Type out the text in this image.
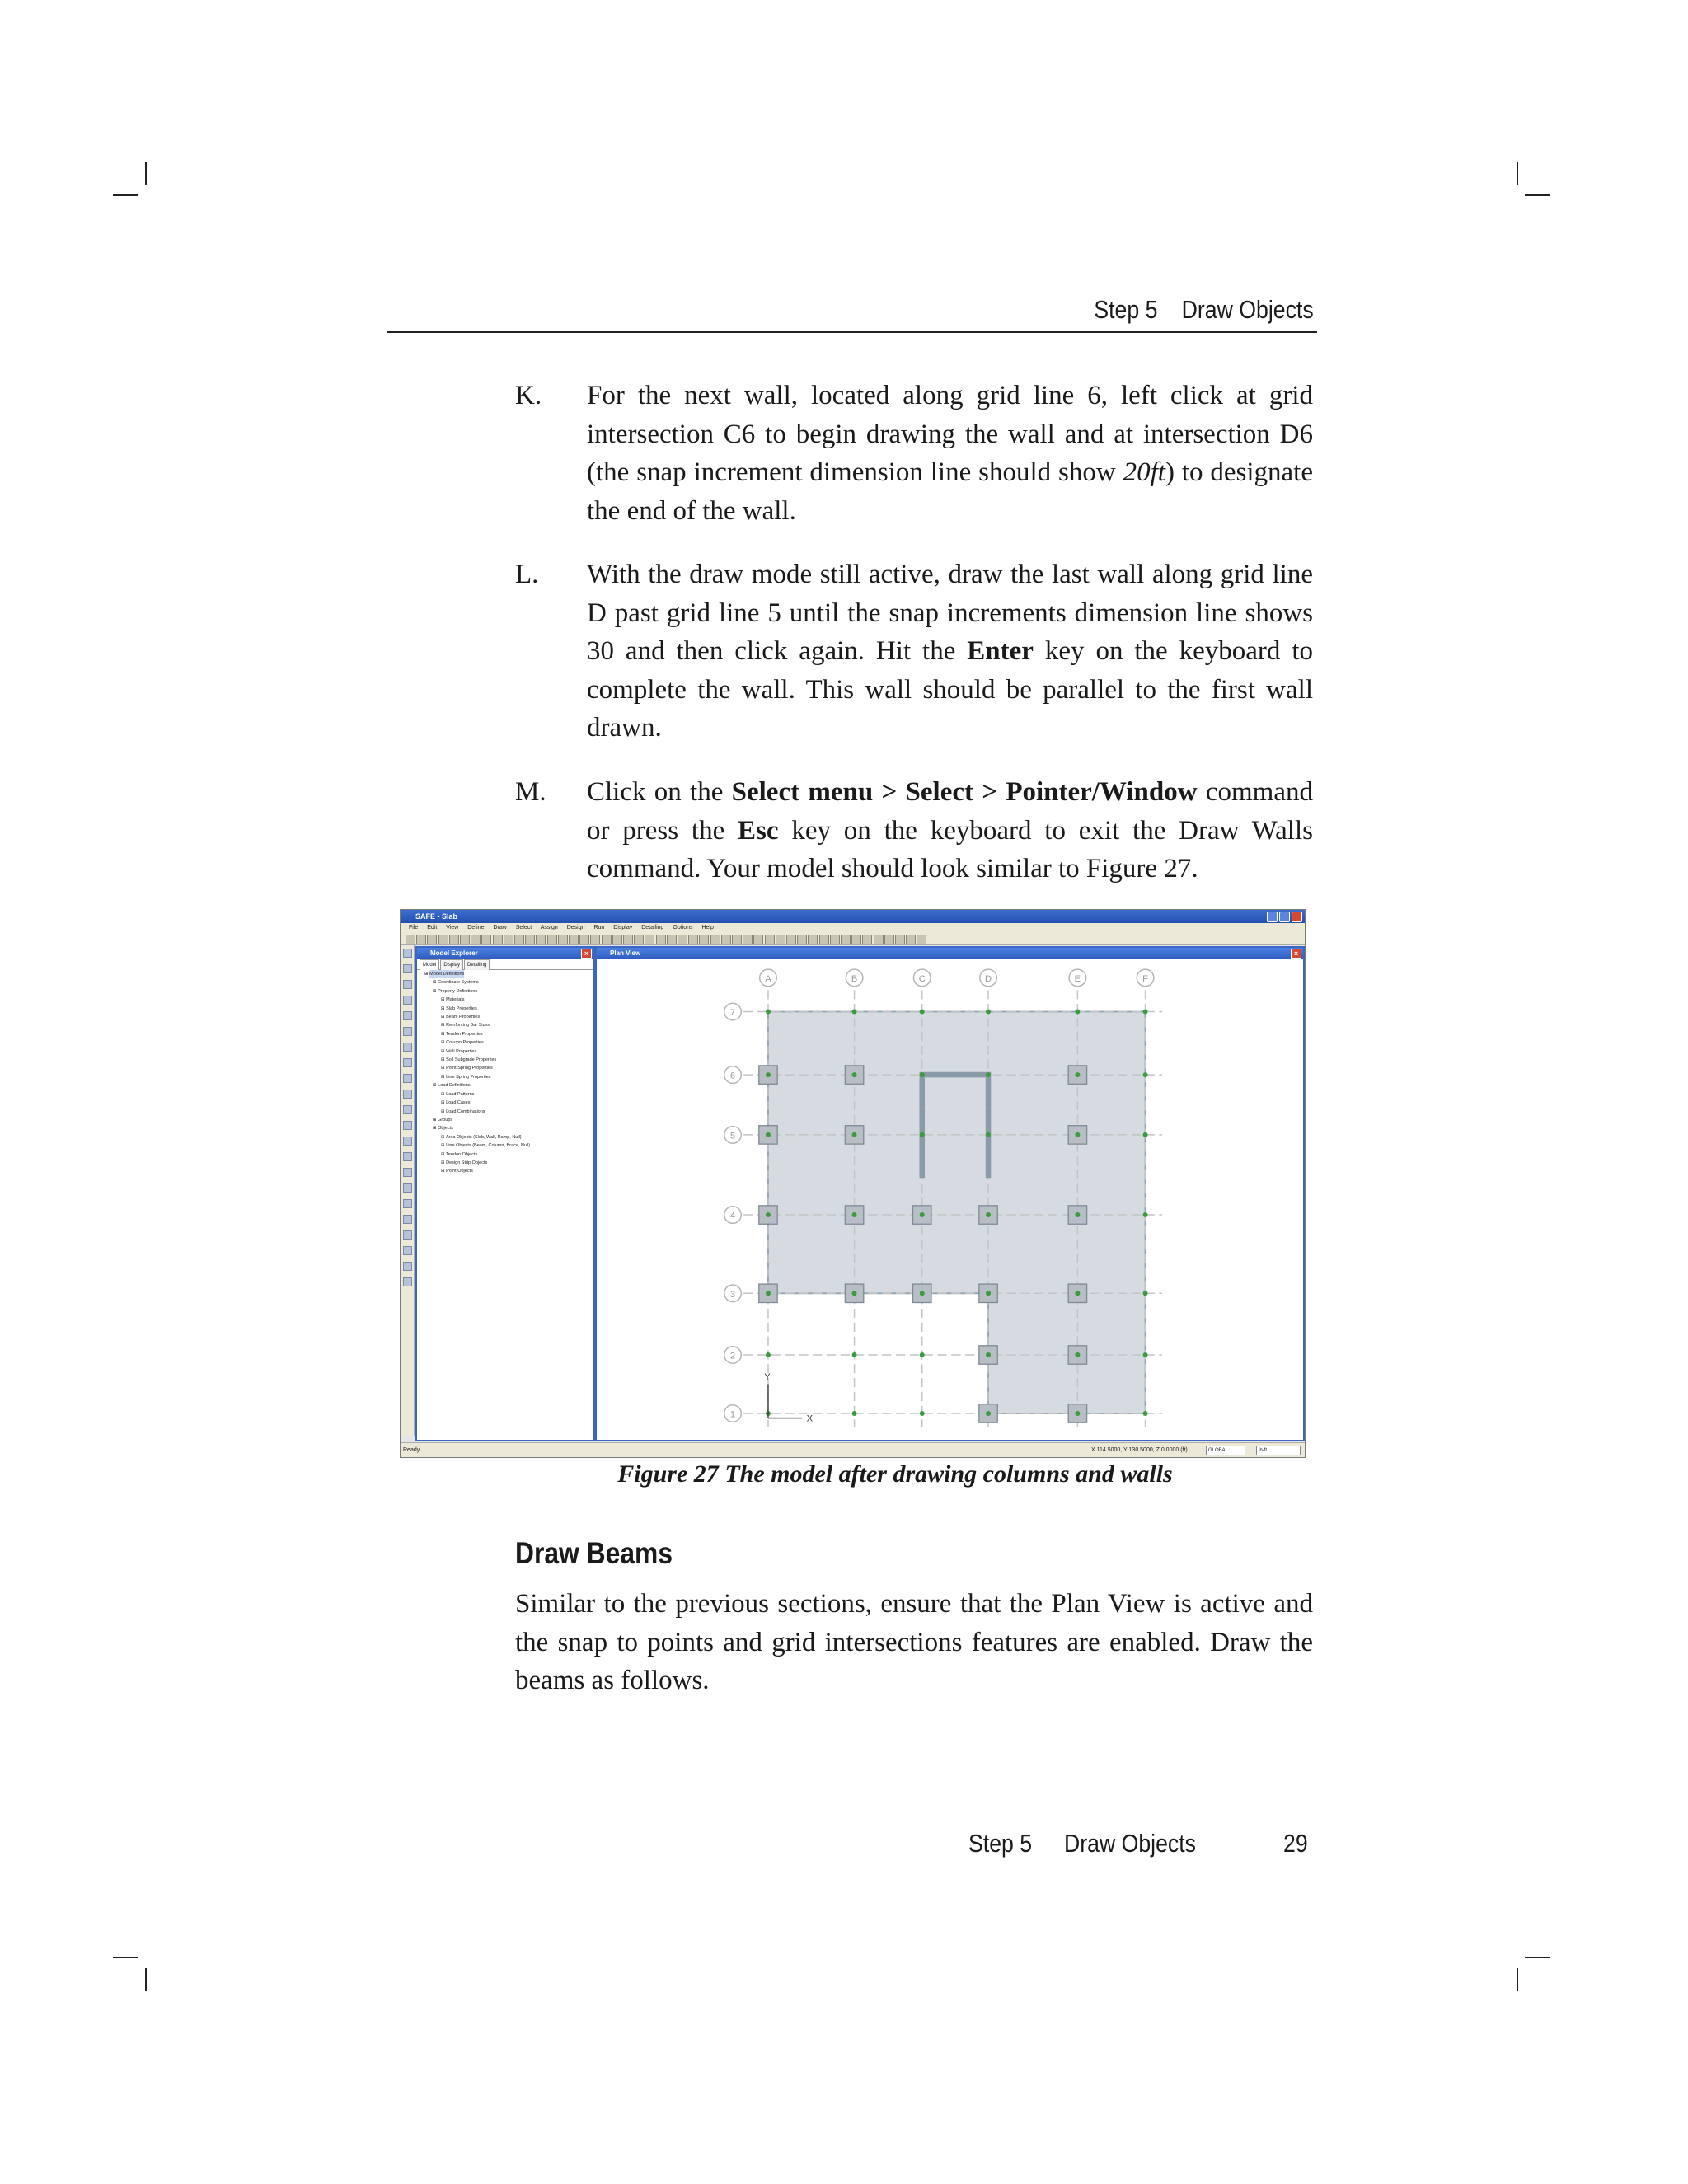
Step 5 Draw Objects
K. For the next wall, located along grid line 6, left click at grid intersection C6 to begin drawing the wall and at intersection D6 (the snap increment dimension line should show 20ft) to designate the end of the wall.
L. With the draw mode still active, draw the last wall along grid line D past grid line 5 until the snap increments dimension line shows 30 and then click again. Hit the Enter key on the keyboard to complete the wall. This wall should be parallel to the first wall drawn.
M. Click on the Select menu > Select > Pointer/Window command or press the Esc key on the keyboard to exit the Draw Walls command. Your model should look similar to Figure 27.
SAFE - Slab
File Edit View Define Draw Select Assign Design Run Display Detailing Options Help
Model Explorer	×
Model Display Detailing
⊞ Model Definitions
⊞ Coordinate Systems
⊞ Property Definitions
⊞ Materials
⊞ Slab Properties
⊞ Beam Properties
⊞ Reinforcing Bar Sizes
⊞ Tendon Properties
⊞ Column Properties
⊞ Wall Properties
⊞ Soil Subgrade Properties
⊞ Point Spring Properties
⊞ Line Spring Properties
⊞ Load Definitions
⊞ Load Patterns
⊞ Load Cases
⊞ Load Combinations
⊞ Groups
⊞ Objects
⊞ Area Objects (Slab, Wall, Ramp, Null)
⊞ Line Objects (Beam, Column, Brace, Null)
⊞ Tendon Objects
⊞ Design Strip Objects
⊞ Point Objects
Plan View	×
A	B	C	D	E	F
7
6
5
4
3
2
1	X
Y
Ready	X 114.5000, Y 130.5000, Z 0.0000 (ft)	GLOBAL	lb-ft
Figure 27 The model after drawing columns and walls
Draw Beams
Similar to the previous sections, ensure that the Plan View is active and the snap to points and grid intersections features are enabled. Draw the beams as follows.
Step 5 Draw Objects	29
